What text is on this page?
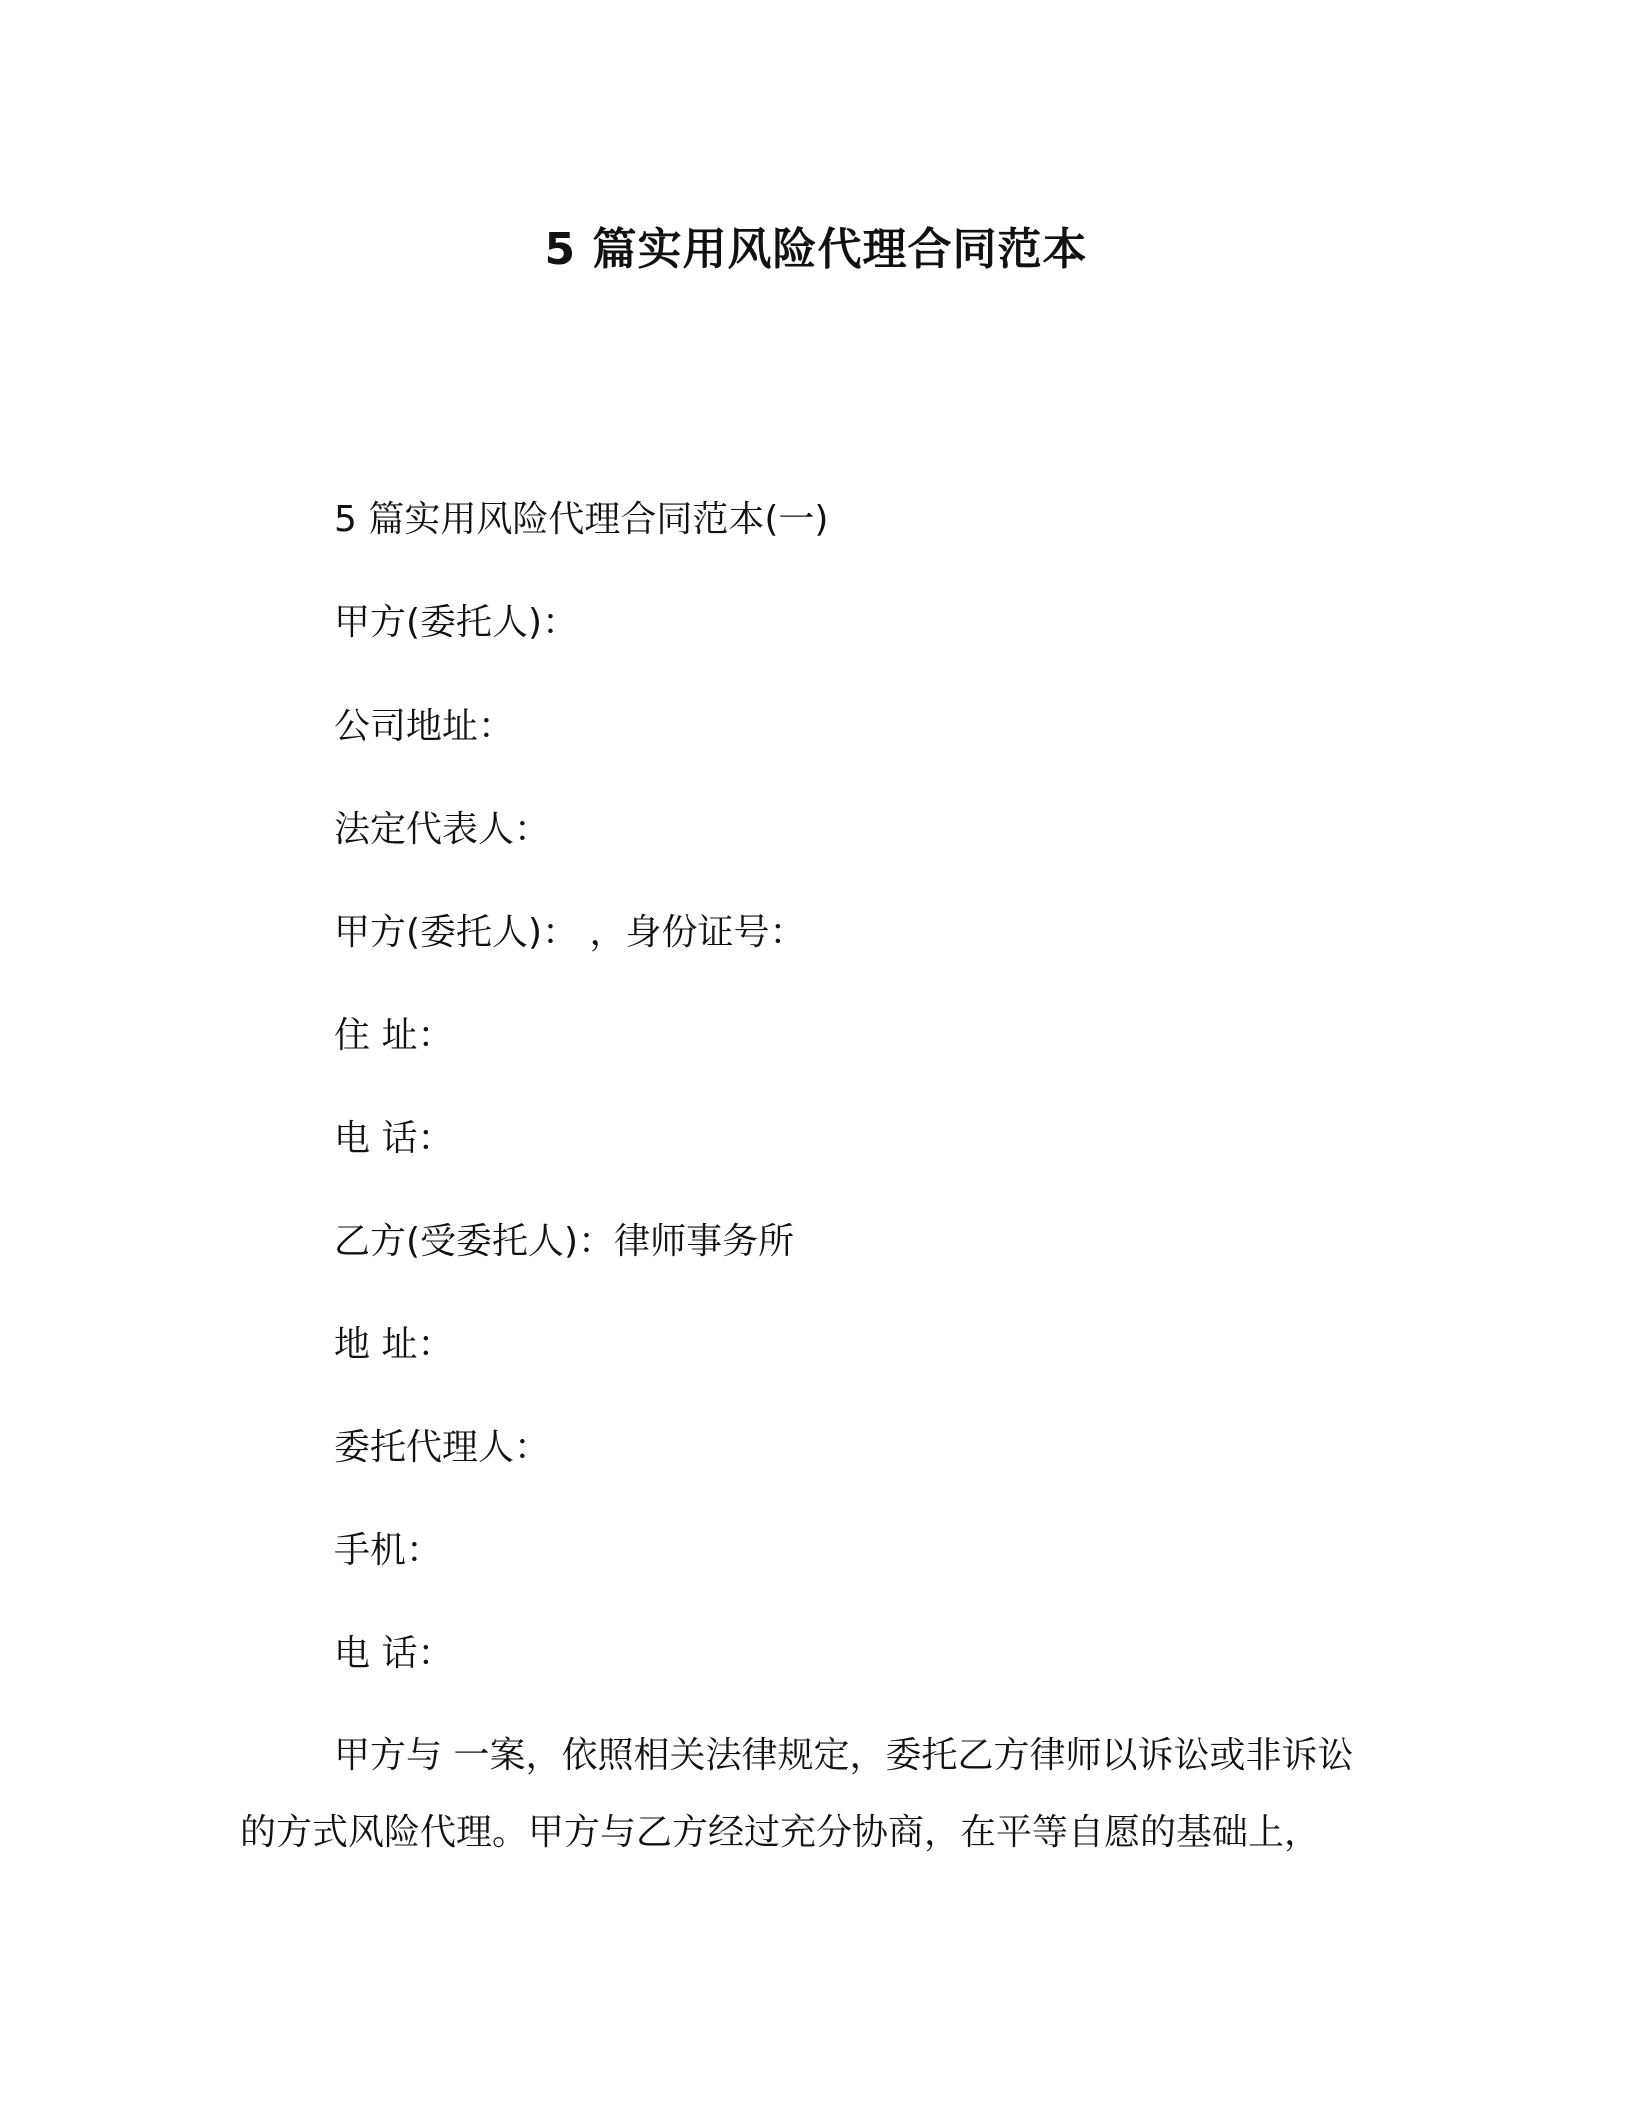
5 篇实用风险代理合同范本
5 篇实用风险代理合同范本(一)
甲方(委托人)：
公司地址：
法定代表人：
甲方(委托人)： ，身份证号：
住 址：
电 话：
乙方(受委托人)：律师事务所
地 址：
委托代理人：
手机：
电 话：
甲方与 一案，依照相关法律规定，委托乙方律师以诉讼或非诉讼
的方式风险代理。甲方与乙方经过充分协商，在平等自愿的基础上，
